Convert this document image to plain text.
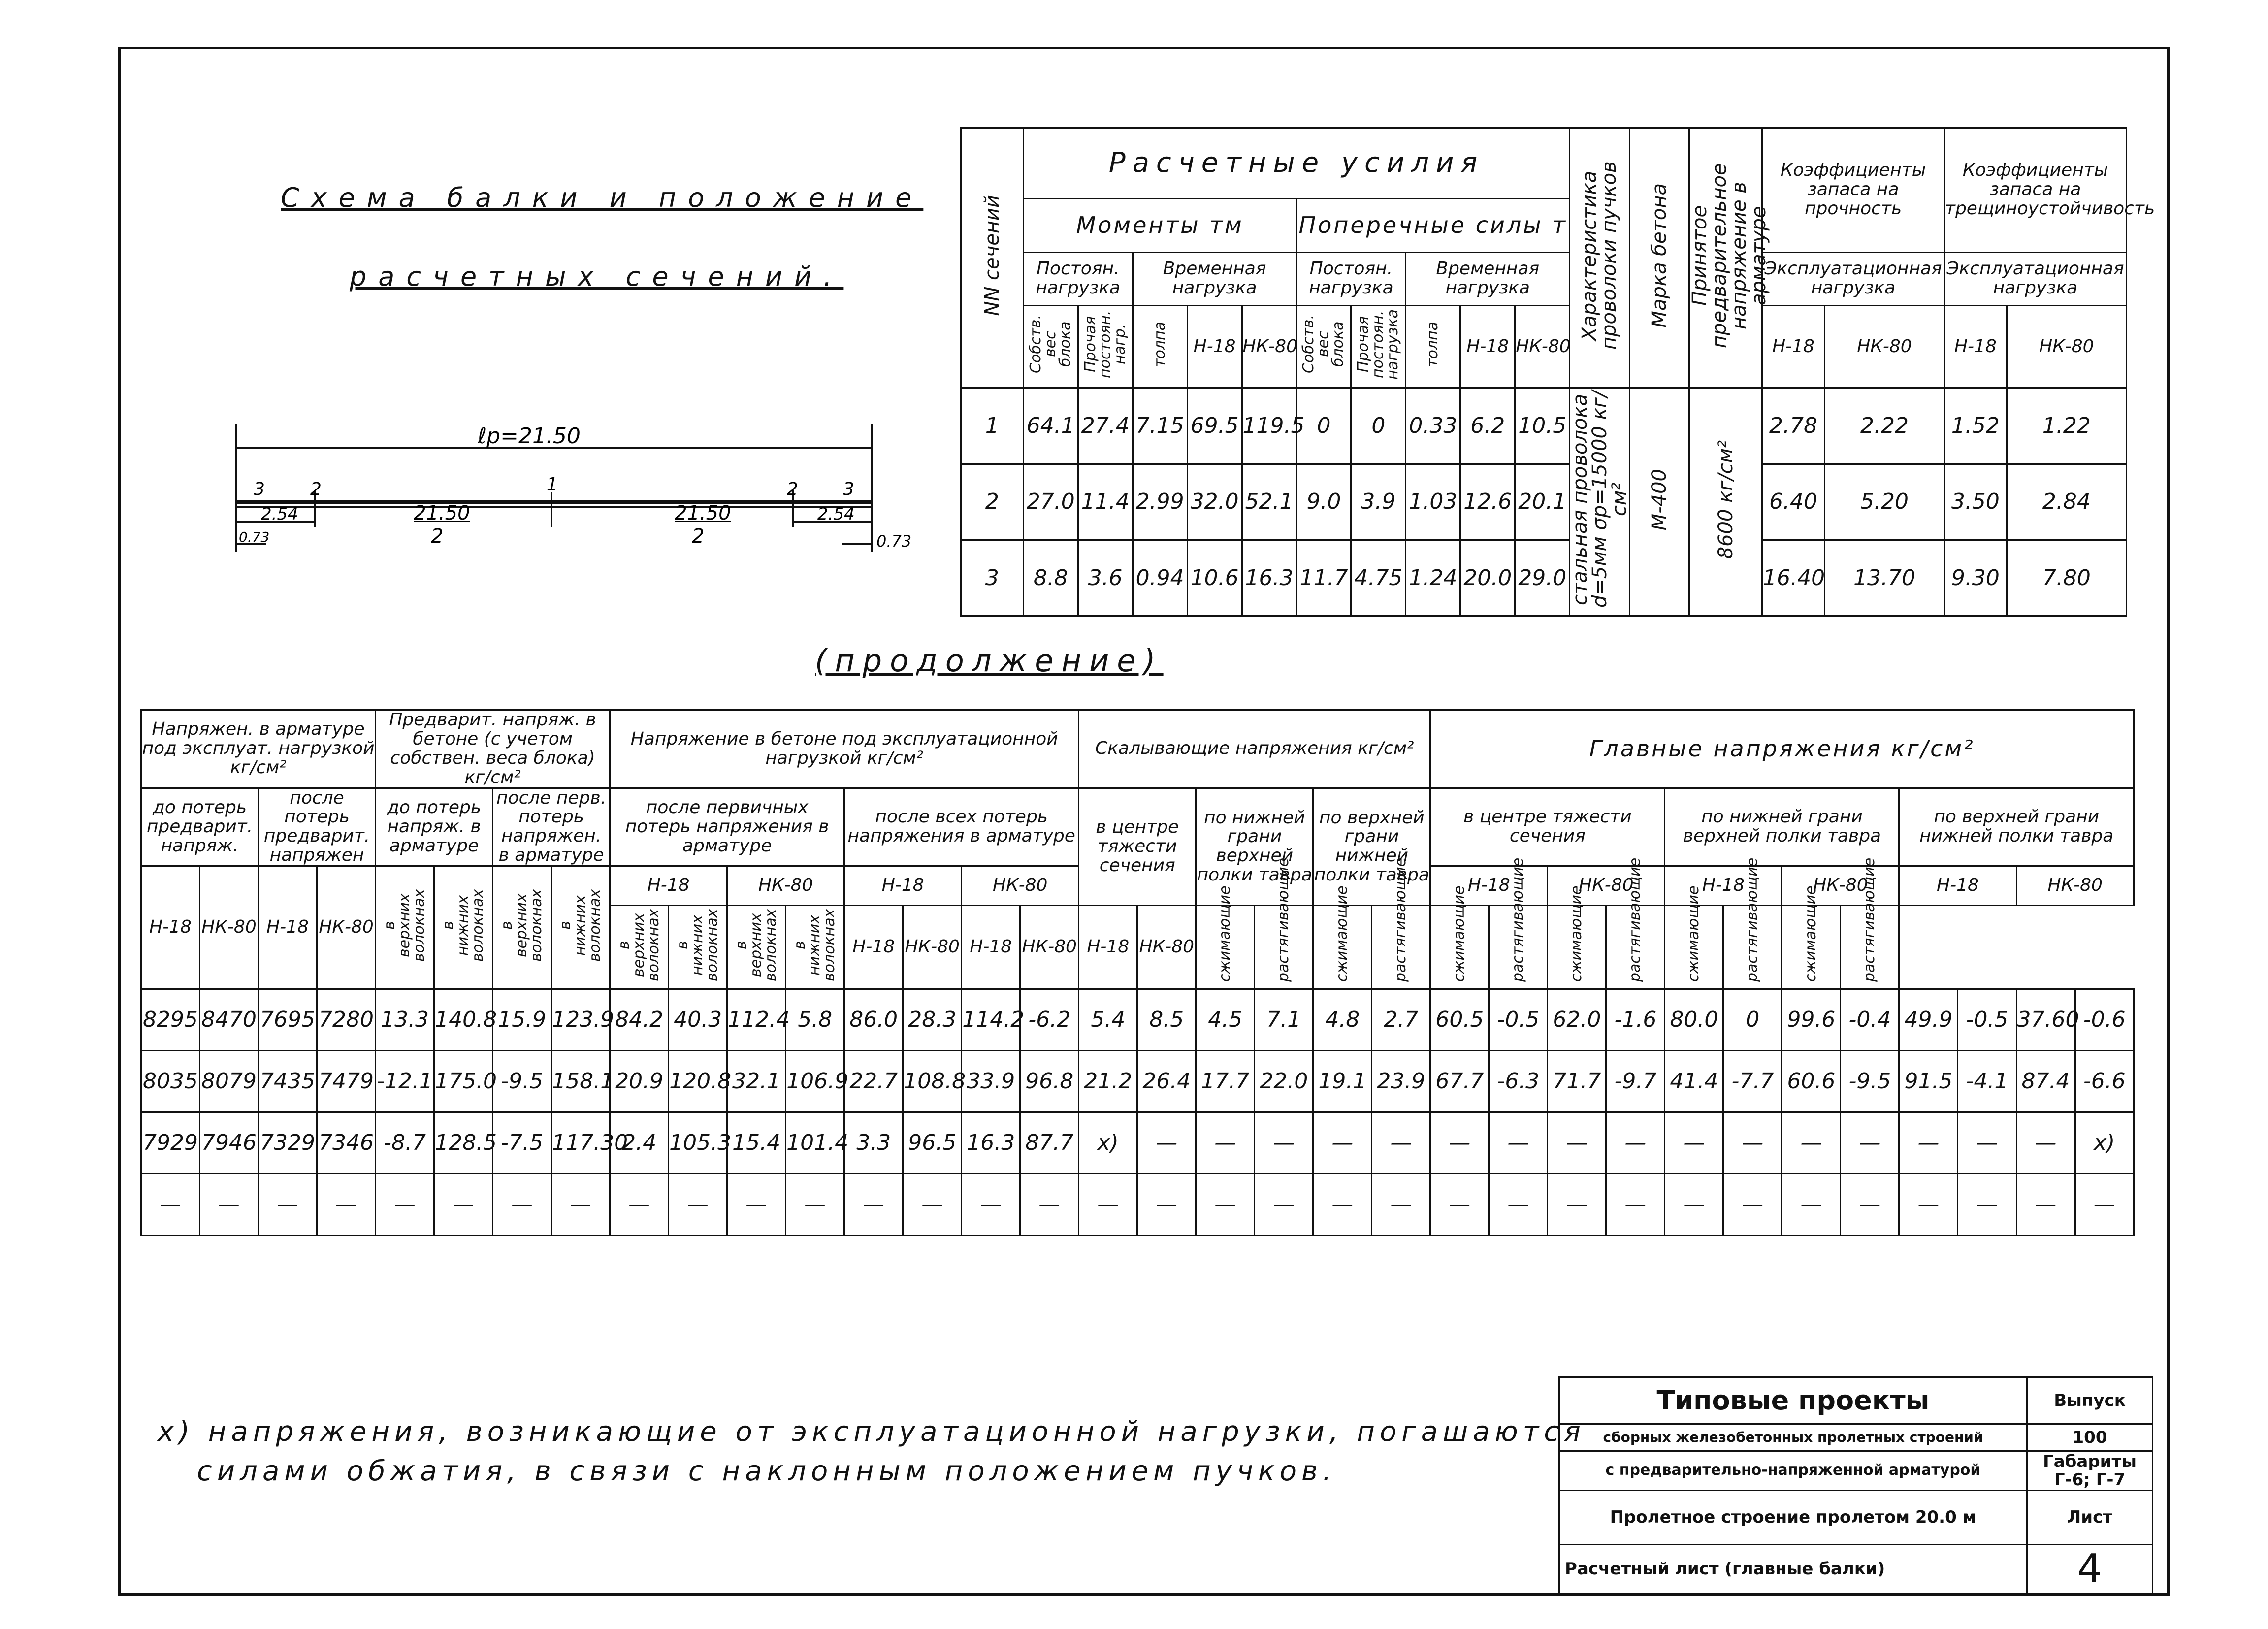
Схема балки и положение
расчетных сечений.
ℓр=21.50
3	2	1	2	3
2.54	2.54
21.50	21.50
2	2
0.73	0.73
NN сечений	Расчетные усилия										Характеристика проволоки пучков	Марка бетона	Принятое предварительное напряжение в арматуре	Коэффициенты запаса на прочность		Коэффициенты запаса на трещиноустойчивость	
	Моменты тм					Поперечные силы т											
	Постоян. нагрузка		Временная нагрузка			Постоян. нагрузка		Временная нагрузка						Эксплуатационная нагрузка		Эксплуатационная нагрузка	
	Собств. вес блока	Прочая постоян. нагр.	толпа	Н-18	НК-80	Собств. вес блока	Прочая постоян. нагрузка	толпа	Н-18	НК-80				Н-18	НК-80	Н-18	НК-80
1	64.1	27.4	7.15	69.5	119.5	0	0	0.33	6.2	10.5	стальная проволока d=5мм σр=15000 кг/см²	М-400	8600 кг/см²	2.78	2.22	1.52	1.22
2	27.0	11.4	2.99	32.0	52.1	9.0	3.9	1.03	12.6	20.1				6.40	5.20	3.50	2.84
3	8.8	3.6	0.94	10.6	16.3	11.7	4.75	1.24	20.0	29.0				16.40	13.70	9.30	7.80
(продолжение)
Напряжен. в арматуре под эксплуат. нагрузкой кг/см²				Предварит. напряж. в бетоне (с учетом собствен. веса блока) кг/см²				Напряжение в бетоне под эксплуатационной нагрузкой кг/см²								Скалывающие напряжения кг/см²						Главные напряжения кг/см²											
до потерь предварит. напряж.		после потерь предварит. напряжен		до потерь напряж. в арматуре		после перв. потерь напряжен. в арматуре		после первичных потерь напряжения в арматуре				после всех потерь напряжения в арматуре				в центре тяжести сечения		по нижней грани верхней полки тавра		по верхней грани нижней полки тавра		в центре тяжести сечения				по нижней грани верхней полки тавра				по верхней грани нижней полки тавра			
Н-18	НК-80	Н-18	НК-80	в верхних волокнах	в нижних волокнах	в верхних волокнах	в нижних волокнах	Н-18		НК-80		Н-18		НК-80								Н-18		НК-80		Н-18		НК-80		Н-18		НК-80	
								в верхних волокнах	в нижних волокнах	в верхних волокнах	в нижних волокнах	Н-18	НК-80	Н-18	НК-80	Н-18	НК-80	сжимающие	растягивающие	сжимающие	растягивающие	сжимающие	растягивающие	сжимающие	растягивающие	сжимающие	растягивающие	сжимающие	растягивающие				
8295	8470	7695	7280	13.3	140.8	15.9	123.9	84.2	40.3	112.4	5.8	86.0	28.3	114.2	-6.2	5.4	8.5	4.5	7.1	4.8	2.7	60.5	-0.5	62.0	-1.6	80.0	0	99.6	-0.4	49.9	-0.5	37.60	-0.6
8035	8079	7435	7479	-12.1	175.0	-9.5	158.1	20.9	120.8	32.1	106.9	22.7	108.8	33.9	96.8	21.2	26.4	17.7	22.0	19.1	23.9	67.7	-6.3	71.7	-9.7	41.4	-7.7	60.6	-9.5	91.5	-4.1	87.4	-6.6
7929	7946	7329	7346	-8.7	128.5	-7.5	117.30	2.4	105.3	15.4	101.4	3.3	96.5	16.3	87.7	x)	—	—	—	—	—	—	—	—	—	—	—	—	—	—	—	—	x)
—	—	—	—	—	—	—	—	—	—	—	—	—	—	—	—	—	—	—	—	—	—	—	—	—	—	—	—	—	—	—	—	—	—
x) напряжения, возникающие от эксплуатационной нагрузки, погашаются
силами обжатия, в связи с наклонным положением пучков.
Типовые проекты	Выпуск
сборных железобетонных пролетных строений	100
с предварительно-напряженной арматурой	Габариты
Г-6; Г-7
Пролетное строение пролетом 20.0 м	Лист
Расчетный лист (главные балки)	4
